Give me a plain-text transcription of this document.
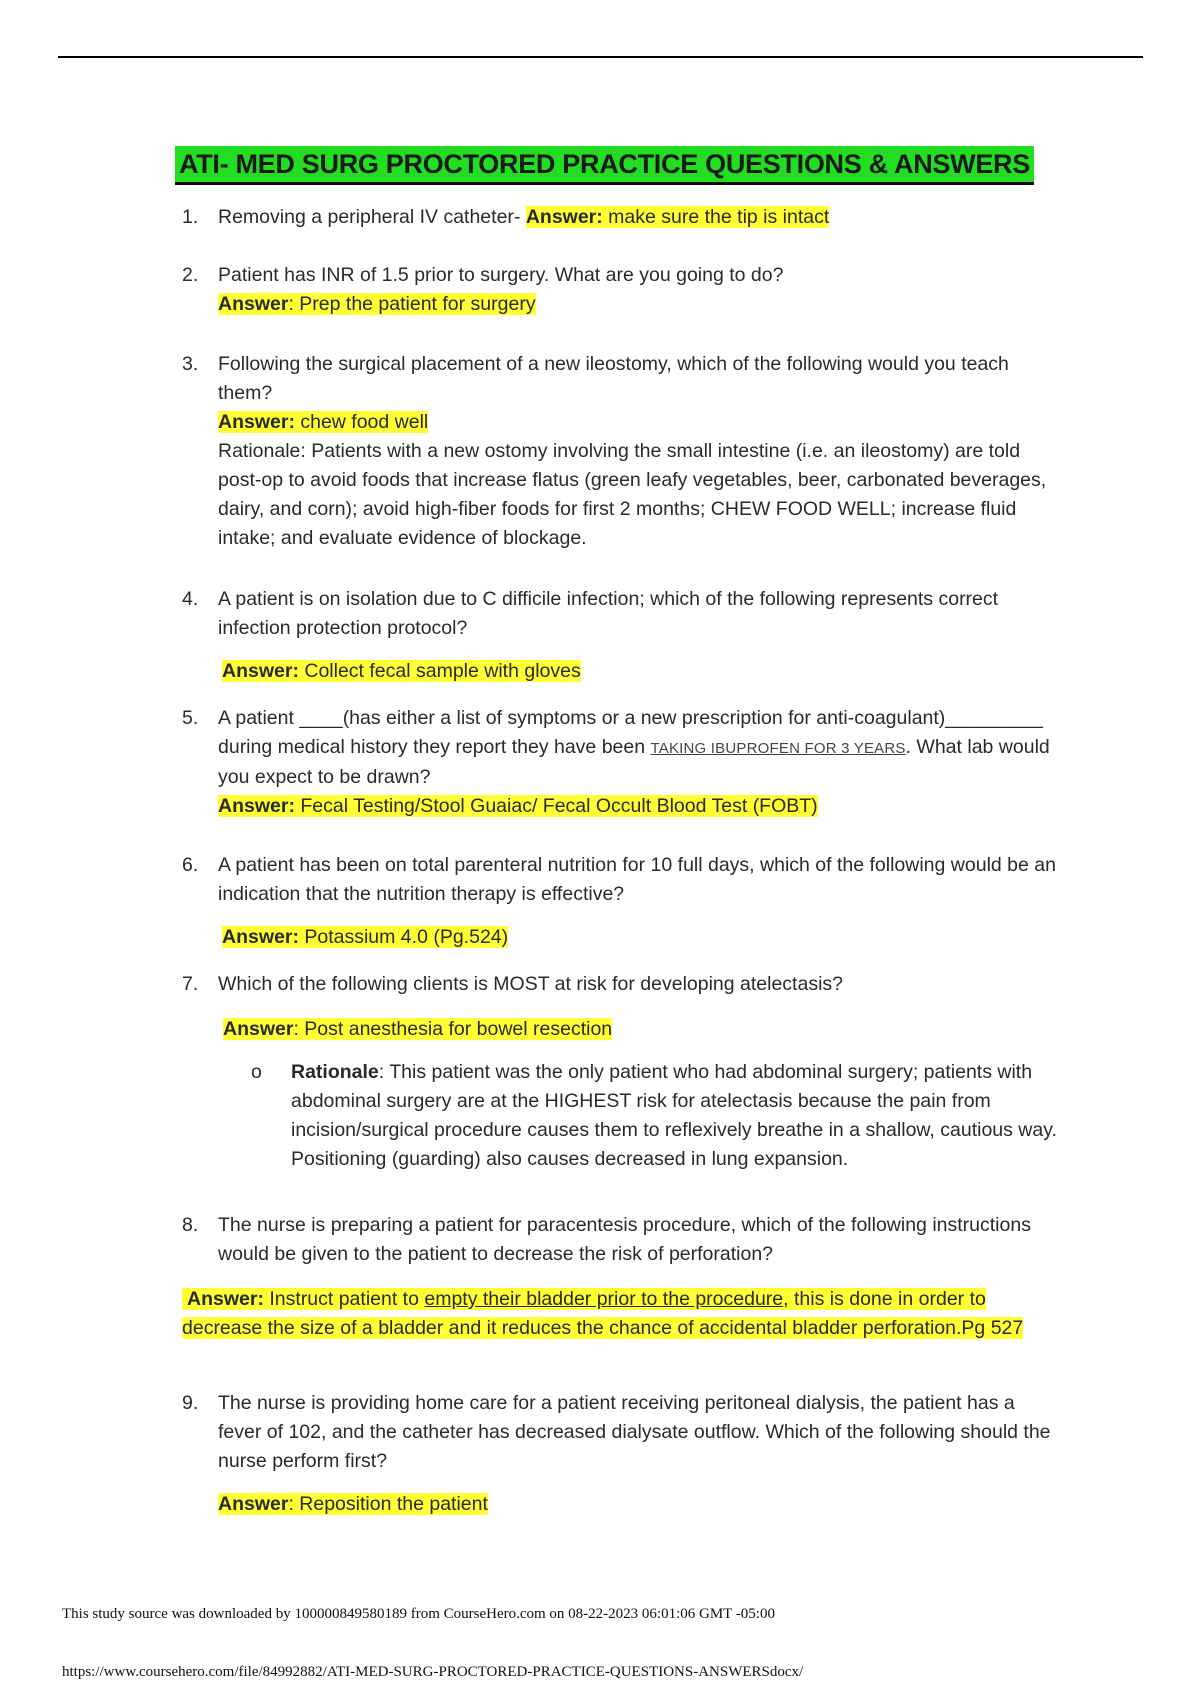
ATI- MED SURG PROCTORED PRACTICE QUESTIONS & ANSWERS
1. Removing a peripheral IV catheter- Answer: make sure the tip is intact
2. Patient has INR of 1.5 prior to surgery. What are you going to do?
Answer: Prep the patient for surgery
3. Following the surgical placement of a new ileostomy, which of the following would you teach them?
Answer: chew food well
Rationale: Patients with a new ostomy involving the small intestine (i.e. an ileostomy) are told post-op to avoid foods that increase flatus (green leafy vegetables, beer, carbonated beverages, dairy, and corn); avoid high-fiber foods for first 2 months; CHEW FOOD WELL; increase fluid intake; and evaluate evidence of blockage.
4. A patient is on isolation due to C difficile infection; which of the following represents correct infection protection protocol?
Answer: Collect fecal sample with gloves
5. A patient ____(has either a list of symptoms or a new prescription for anti-coagulant)_________ during medical history they report they have been TAKING IBUPROFEN FOR 3 YEARS. What lab would you expect to be drawn?
Answer: Fecal Testing/Stool Guaiac/ Fecal Occult Blood Test (FOBT)
6. A patient has been on total parenteral nutrition for 10 full days, which of the following would be an indication that the nutrition therapy is effective?
Answer: Potassium 4.0 (Pg.524)
7. Which of the following clients is MOST at risk for developing atelectasis?
Answer: Post anesthesia for bowel resection
o Rationale: This patient was the only patient who had abdominal surgery; patients with abdominal surgery are at the HIGHEST risk for atelectasis because the pain from incision/surgical procedure causes them to reflexively breathe in a shallow, cautious way. Positioning (guarding) also causes decreased in lung expansion.
8. The nurse is preparing a patient for paracentesis procedure, which of the following instructions would be given to the patient to decrease the risk of perforation?
Answer: Instruct patient to empty their bladder prior to the procedure, this is done in order to decrease the size of a bladder and it reduces the chance of accidental bladder perforation.Pg 527
9. The nurse is providing home care for a patient receiving peritoneal dialysis, the patient has a fever of 102, and the catheter has decreased dialysate outflow. Which of the following should the nurse perform first?
Answer: Reposition the patient
This study source was downloaded by 100000849580189 from CourseHero.com on 08-22-2023 06:01:06 GMT -05:00
https://www.coursehero.com/file/84992882/ATI-MED-SURG-PROCTORED-PRACTICE-QUESTIONS-ANSWERSdocx/
